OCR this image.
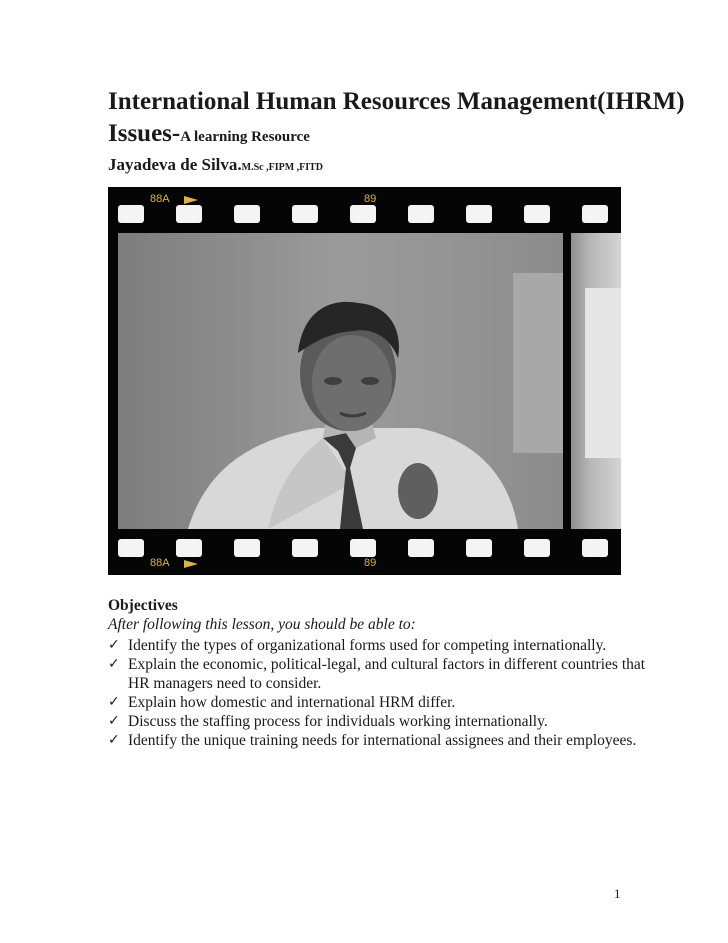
International Human Resources Management(IHRM) Issues-A learning Resource
Jayadeva de Silva.M.Sc ,FIPM ,FITD
88A	89
88A	89

Objectives

After following this lesson, you should be able to:

✓ Identify the types of organizational forms used for competing internationally.
✓ Explain the economic, political-legal, and cultural factors in different countries that HR managers need to consider.
✓ Explain how domestic and international HRM differ.
✓ Discuss the staffing process for individuals working internationally.
✓ Identify the unique training needs for international assignees and their employees.
1
